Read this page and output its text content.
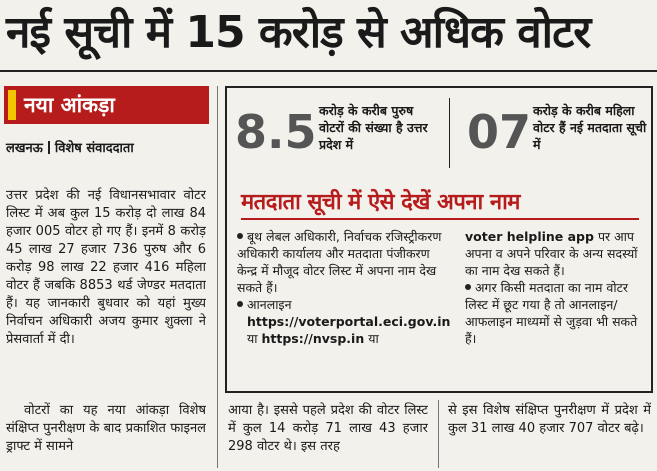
नई सूची में 15 करोड़ से अधिक वोटर
नया आंकड़ा
लखनऊ विशेष संवाददाता
उत्तर प्रदेश की नई विधानसभावार वोटर लिस्ट में अब कुल 15 करोड़ दो लाख 84 हजार 005 वोटर हो गए हैं। इनमें 8 करोड़ 45 लाख 27 हजार 736 पुरुष और 6 करोड़ 98 लाख 22 हजार 416 महिला वोटर हैं जबकि 8853 थर्ड जेण्डर मतदाता हैं। यह जानकारी बुधवार को यहां मुख्य निर्वाचन अधिकारी अजय कुमार शुक्ला ने प्रेसवार्ता में दी।
वोटरों का यह नया आंकड़ा विशेष संक्षिप्त पुनरीक्षण के बाद प्रकाशित फाइनल ड्राफ्ट में सामने
आया है। इससे पहले प्रदेश की वोटर लिस्ट में कुल 14 करोड़ 71 लाख 43 हजार 298 वोटर थे। इस तरह
से इस विशेष संक्षिप्त पुनरीक्षण में प्रदेश में कुल 31 लाख 40 हजार 707 वोटर बढ़े।
8.5 करोड़ के करीब पुरुष वोटरों की संख्या है उत्तर प्रदेश में	07 करोड़ के करीब महिला वोटर हैं नई मतदाता सूची में
मतदाता सूची में ऐसे देखें अपना नाम

बूथ लेबल अधिकारी, निर्वाचक रजिस्ट्रीकरण अधिकारी कार्यालय और मतदाता पंजीकरण केन्द्र में मौजूद वोटर लिस्ट में अपना नाम देख सकते हैं।

आनलाइन

https://voterportal.eci.gov.in या https://nvsp.in या

voter helpline app पर आप अपना व अपने परिवार के अन्य सदस्यों का नाम देख सकते हैं।

अगर किसी मतदाता का नाम वोटर लिस्ट में छूट गया है तो आनलाइन/आफलाइन माध्यमों से जुड़वा भी सकते हैं।
